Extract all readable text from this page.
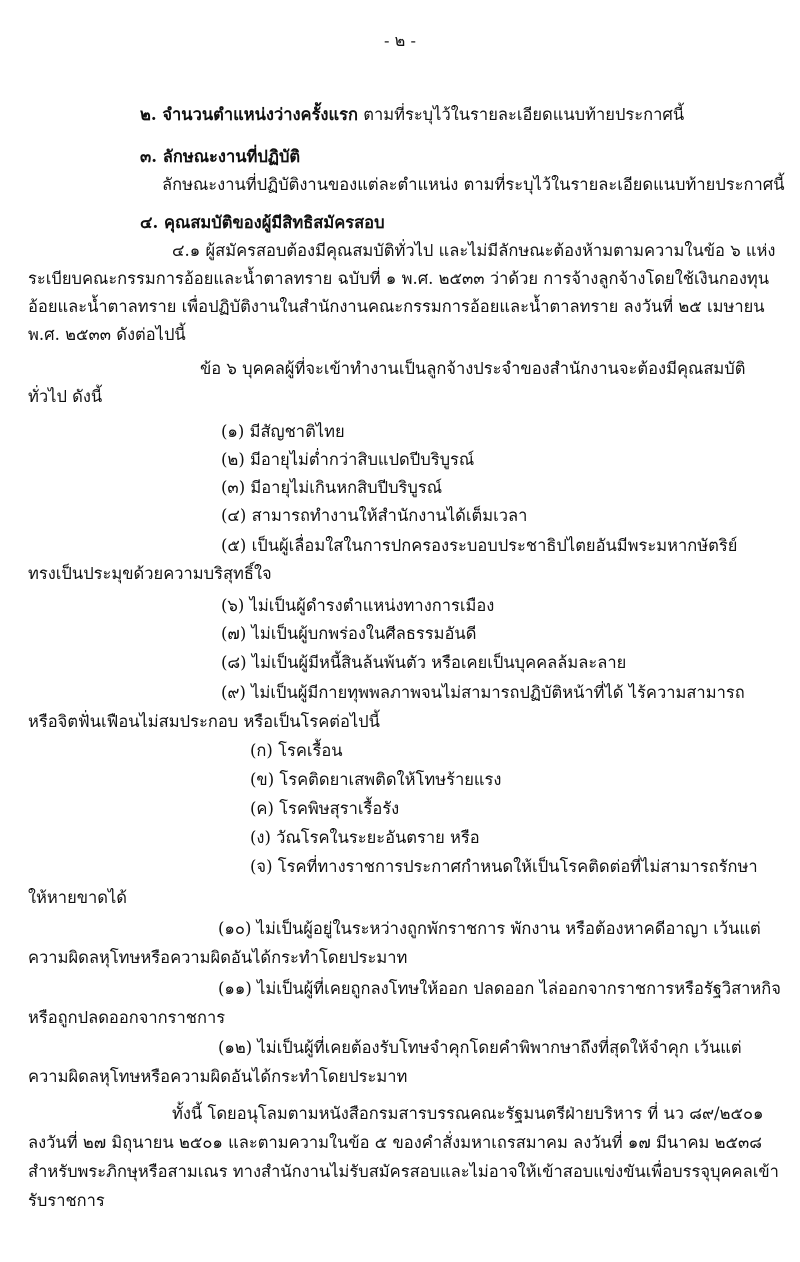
- ๒ -
๒. จำนวนตำแหน่งว่างครั้งแรก ตามที่ระบุไว้ในรายละเอียดแนบท้ายประกาศนี้
๓. ลักษณะงานที่ปฏิบัติ
ลักษณะงานที่ปฏิบัติงานของแต่ละตำแหน่ง ตามที่ระบุไว้ในรายละเอียดแนบท้ายประกาศนี้
๔. คุณสมบัติของผู้มีสิทธิสมัครสอบ
๔.๑ ผู้สมัครสอบต้องมีคุณสมบัติทั่วไป และไม่มีลักษณะต้องห้ามตามความในข้อ ๖ แห่ง
ระเบียบคณะกรรมการอ้อยและน้ำตาลทราย ฉบับที่ ๑ พ.ศ. ๒๕๓๓ ว่าด้วย การจ้างลูกจ้างโดยใช้เงินกองทุน
อ้อยและน้ำตาลทราย เพื่อปฏิบัติงานในสำนักงานคณะกรรมการอ้อยและน้ำตาลทราย ลงวันที่ ๒๕ เมษายน
พ.ศ. ๒๕๓๓ ดังต่อไปนี้
ข้อ ๖ บุคคลผู้ที่จะเข้าทำงานเป็นลูกจ้างประจำของสำนักงานจะต้องมีคุณสมบัติ
ทั่วไป ดังนี้
(๑) มีสัญชาติไทย
(๒) มีอายุไม่ต่ำกว่าสิบแปดปีบริบูรณ์
(๓) มีอายุไม่เกินหกสิบปีบริบูรณ์
(๔) สามารถทำงานให้สำนักงานได้เต็มเวลา
(๕) เป็นผู้เลื่อมใสในการปกครองระบอบประชาธิปไตยอันมีพระมหากษัตริย์
ทรงเป็นประมุขด้วยความบริสุทธิ์ใจ
(๖) ไม่เป็นผู้ดำรงตำแหน่งทางการเมือง
(๗) ไม่เป็นผู้บกพร่องในศีลธรรมอันดี
(๘) ไม่เป็นผู้มีหนี้สินล้นพ้นตัว หรือเคยเป็นบุคคลล้มละลาย
(๙) ไม่เป็นผู้มีกายทุพพลภาพจนไม่สามารถปฏิบัติหน้าที่ได้ ไร้ความสามารถ
หรือจิตฟั่นเฟือนไม่สมประกอบ หรือเป็นโรคต่อไปนี้
(ก) โรคเรื้อน
(ข) โรคติดยาเสพติดให้โทษร้ายแรง
(ค) โรคพิษสุราเรื้อรัง
(ง) วัณโรคในระยะอันตราย หรือ
(จ) โรคที่ทางราชการประกาศกำหนดให้เป็นโรคติดต่อที่ไม่สามารถรักษา
ให้หายขาดได้
(๑๐) ไม่เป็นผู้อยู่ในระหว่างถูกพักราชการ พักงาน หรือต้องหาคดีอาญา เว้นแต่
ความผิดลหุโทษหรือความผิดอันได้กระทำโดยประมาท
(๑๑) ไม่เป็นผู้ที่เคยถูกลงโทษให้ออก ปลดออก ไล่ออกจากราชการหรือรัฐวิสาหกิจ
หรือถูกปลดออกจากราชการ
(๑๒) ไม่เป็นผู้ที่เคยต้องรับโทษจำคุกโดยคำพิพากษาถึงที่สุดให้จำคุก เว้นแต่
ความผิดลหุโทษหรือความผิดอันได้กระทำโดยประมาท
ทั้งนี้ โดยอนุโลมตามหนังสือกรมสารบรรณคณะรัฐมนตรีฝ่ายบริหาร ที่ นว ๘๙/๒๕๐๑
ลงวันที่ ๒๗ มิถุนายน ๒๕๐๑ และตามความในข้อ ๕ ของคำสั่งมหาเถรสมาคม ลงวันที่ ๑๗ มีนาคม ๒๕๓๘
สำหรับพระภิกษุหรือสามเณร ทางสำนักงานไม่รับสมัครสอบและไม่อาจให้เข้าสอบแข่งขันเพื่อบรรจุบุคคลเข้า
รับราชการ
